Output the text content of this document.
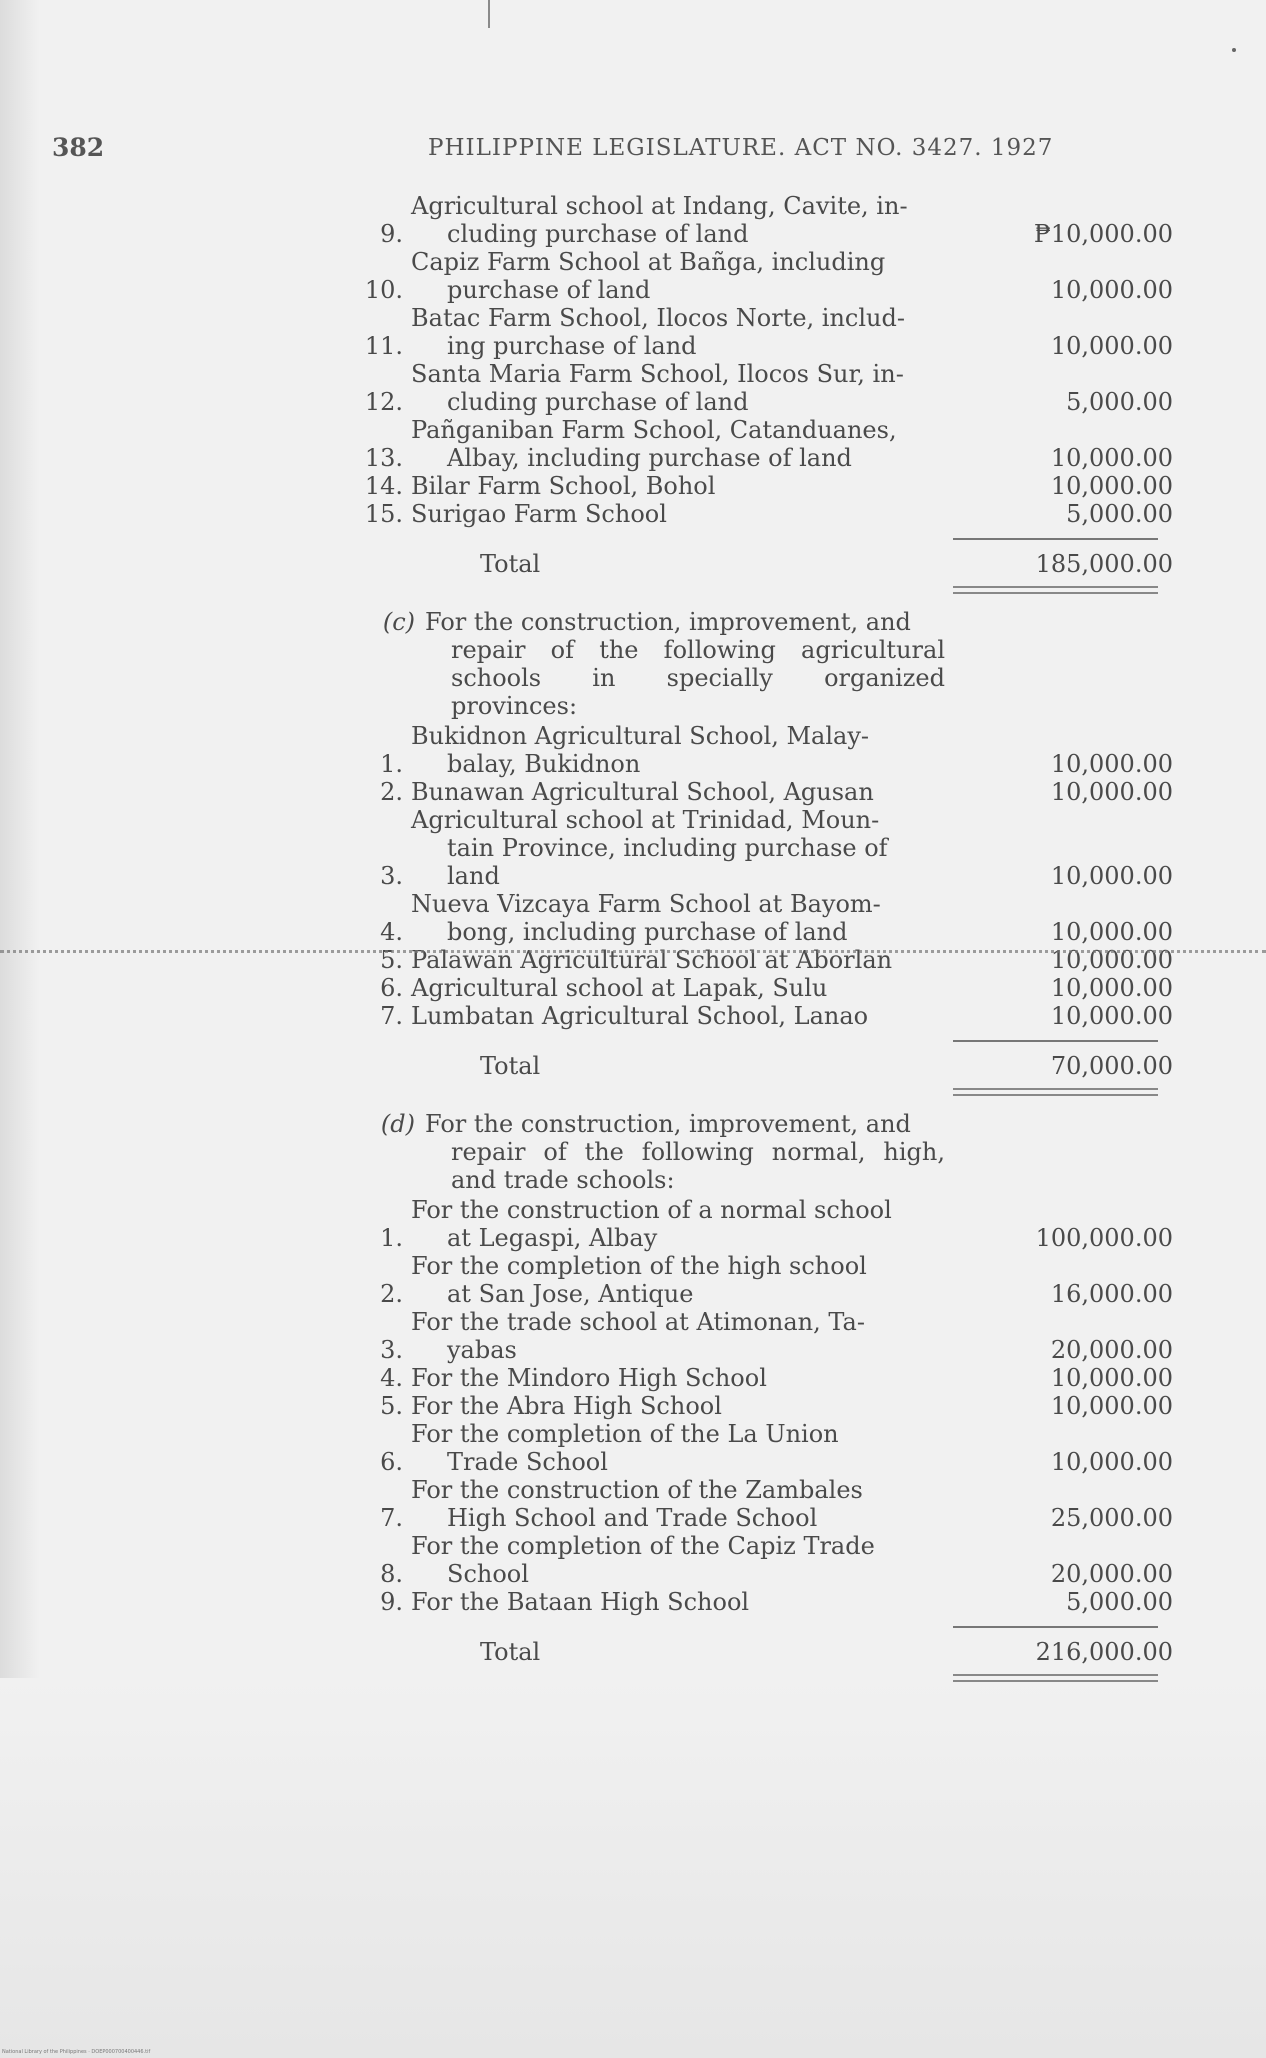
382	PHILIPPINE LEGISLATURE. ACT NO. 3427. 1927
9.
Agricultural school at Indang, Cavite, in-
cluding purchase of land	₱10,000.00
10.
Capiz Farm School at Bañga, including
purchase of land	10,000.00
11.
Batac Farm School, Ilocos Norte, includ-
ing purchase of land	10,000.00
12.
Santa Maria Farm School, Ilocos Sur, in-
cluding purchase of land	5,000.00
13.
Pañganiban Farm School, Catanduanes,
Albay, including purchase of land	10,000.00
14. Bilar Farm School, Bohol	10,000.00
15. Surigao Farm School	5,000.00
Total	185,000.00
(c) For the construction, improvement, and
repair of the following agricultural schools in specially organized provinces:
1.
Bukidnon Agricultural School, Malay-
balay, Bukidnon	10,000.00
2. Bunawan Agricultural School, Agusan	10,000.00
3.
Agricultural school at Trinidad, Moun-
tain Province, including purchase of
land	10,000.00
4.
Nueva Vizcaya Farm School at Bayom-
bong, including purchase of land	10,000.00
5. Palawan Agricultural School at Aborlan	10,000.00
6. Agricultural school at Lapak, Sulu	10,000.00
7. Lumbatan Agricultural School, Lanao	10,000.00
Total	70,000.00
(d) For the construction, improvement, and
repair of the following normal, high, and trade schools:
1.
For the construction of a normal school
at Legaspi, Albay	100,000.00
2.
For the completion of the high school
at San Jose, Antique	16,000.00
3.
For the trade school at Atimonan, Ta-
yabas	20,000.00
4. For the Mindoro High School	10,000.00
5. For the Abra High School	10,000.00
6.
For the completion of the La Union
Trade School	10,000.00
7.
For the construction of the Zambales
High School and Trade School	25,000.00
8.
For the completion of the Capiz Trade
School	20,000.00
9. For the Bataan High School	5,000.00
Total	216,000.00
National Library of the Philippines · DOEP000700400446.tif
